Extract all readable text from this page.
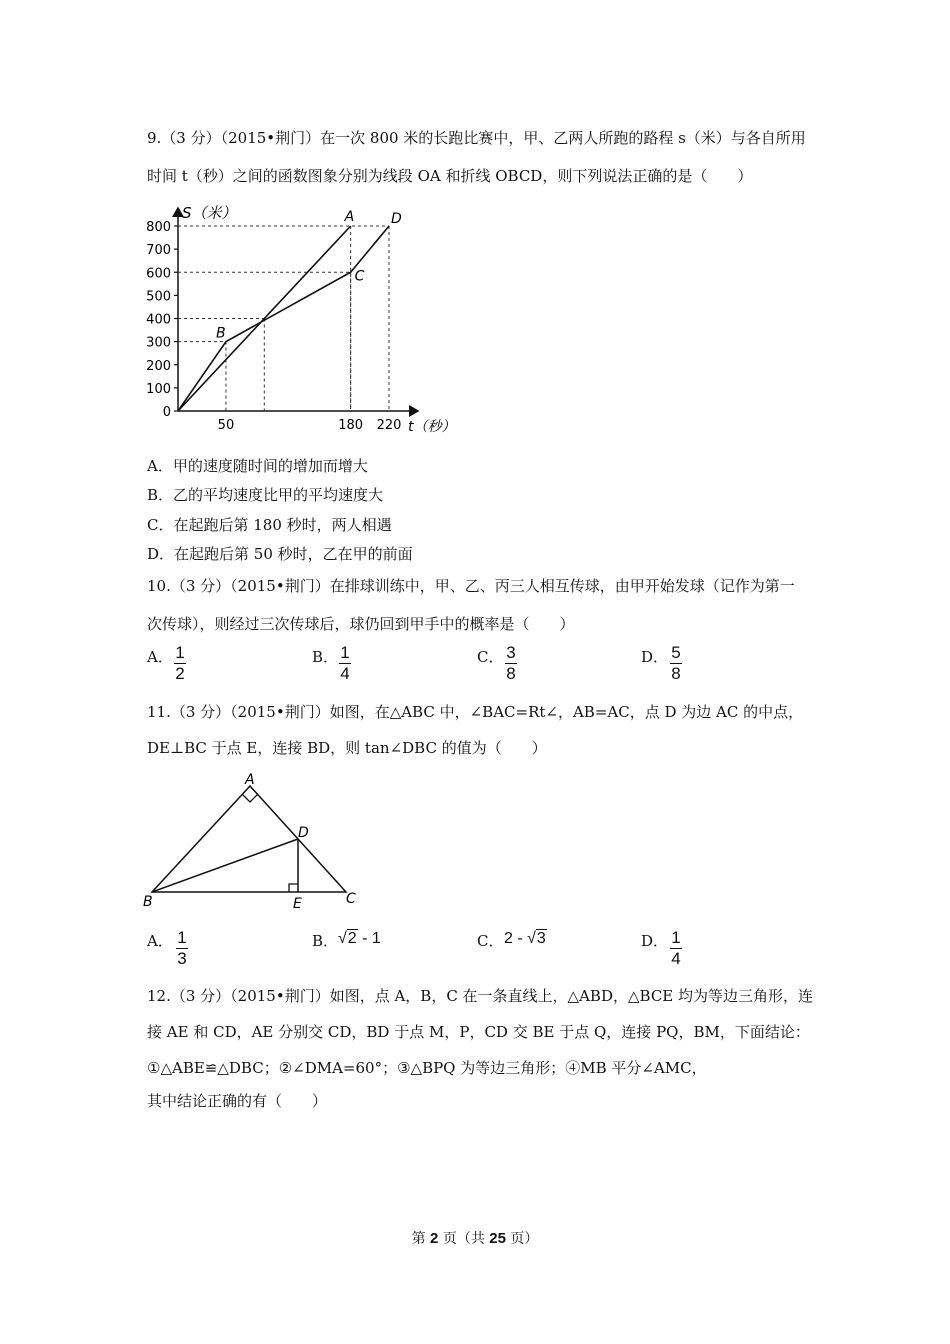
9.（3 分）（2015•荆门）在一次 800 米的长跑比赛中，甲、乙两人所跑的路程 s（米）与各自所用
时间 t（秒）之间的函数图象分别为线段 OA 和折线 OBCD，则下列说法正确的是（　　）
S（米）
t（秒）
800
700
600
500
400
300
200
100
0
50	180 220
A	D
C
B
A．甲的速度随时间的增加而增大
B．乙的平均速度比甲的平均速度大
C．在起跑后第 180 秒时，两人相遇
D．在起跑后第 50 秒时，乙在甲的前面
10.（3 分）（2015•荆门）在排球训练中，甲、乙、丙三人相互传球，由甲开始发球（记作为第一
次传球），则经过三次传球后，球仍回到甲手中的概率是（　　）
A． 1
2
B． 1
4
C． 3
8
D． 5
8
11.（3 分）（2015•荆门）如图，在△ABC 中，∠BAC=Rt∠，AB=AC，点 D 为边 AC 的中点，
DE⊥BC 于点 E，连接 BD，则 tan∠DBC 的值为（　　）
A
D
B	E	C
A． 1
3
B． √2 - 1	C． 2 - √3	D． 1
4
12.（3 分）（2015•荆门）如图，点 A，B，C 在一条直线上，△ABD，△BCE 均为等边三角形，连
接 AE 和 CD，AE 分别交 CD，BD 于点 M，P，CD 交 BE 于点 Q，连接 PQ，BM，下面结论：
①△ABE≌△DBC；②∠DMA=60°；③△BPQ 为等边三角形；④MB 平分∠AMC，
其中结论正确的有（　　）
第 2 页（共 25 页）
